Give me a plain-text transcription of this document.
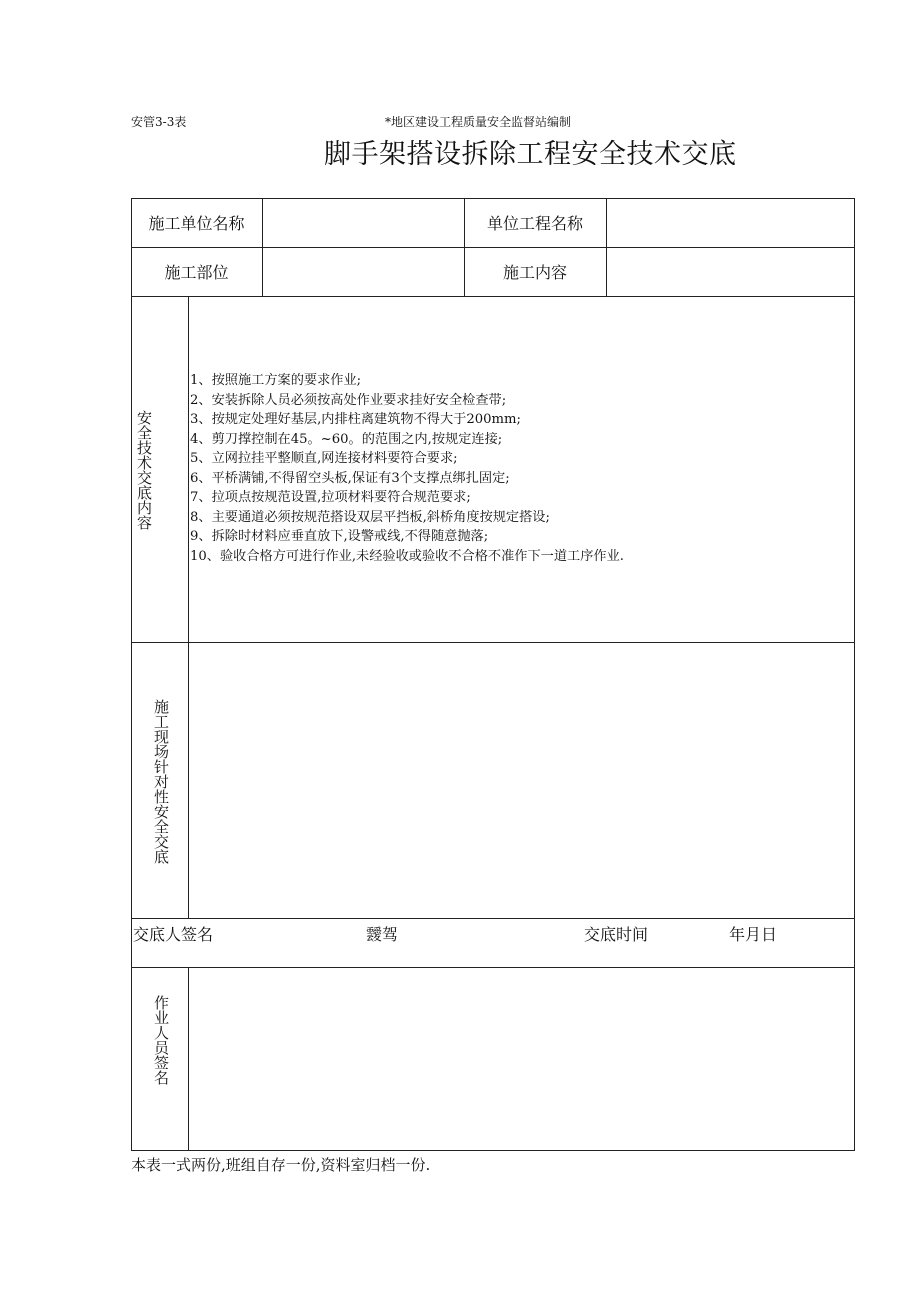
安管3-3表	*地区建设工程质量安全监督站编制
脚手架搭设拆除工程安全技术交底
施工单位名称	单位工程名称
施工部位	施工内容
安全技术交底内容
1、按照施工方案的要求作业;
2、安装拆除人员必须按高处作业要求挂好安全检查带;
3、按规定处理好基层,内排柱离建筑物不得大于200mm;
4、剪刀撑控制在45。~60。的范围之内,按规定连接;
5、立网拉挂平整顺直,网连接材料要符合要求;
6、平桥满铺,不得留空头板,保证有3个支撑点绑扎固定;
7、拉项点按规范设置,拉项材料要符合规范要求;
8、主要通道必须按规范搭设双层平挡板,斜桥角度按规定搭设;
9、拆除时材料应垂直放下,设警戒线,不得随意抛落;
10、验收合格方可进行作业,未经验收或验收不合格不准作下一道工序作业.
施工现场针对性安全交底
交底人签名	靉驾	交底时间	年月日
作业人员签名
本表一式两份,班组自存一份,资料室归档一份.
